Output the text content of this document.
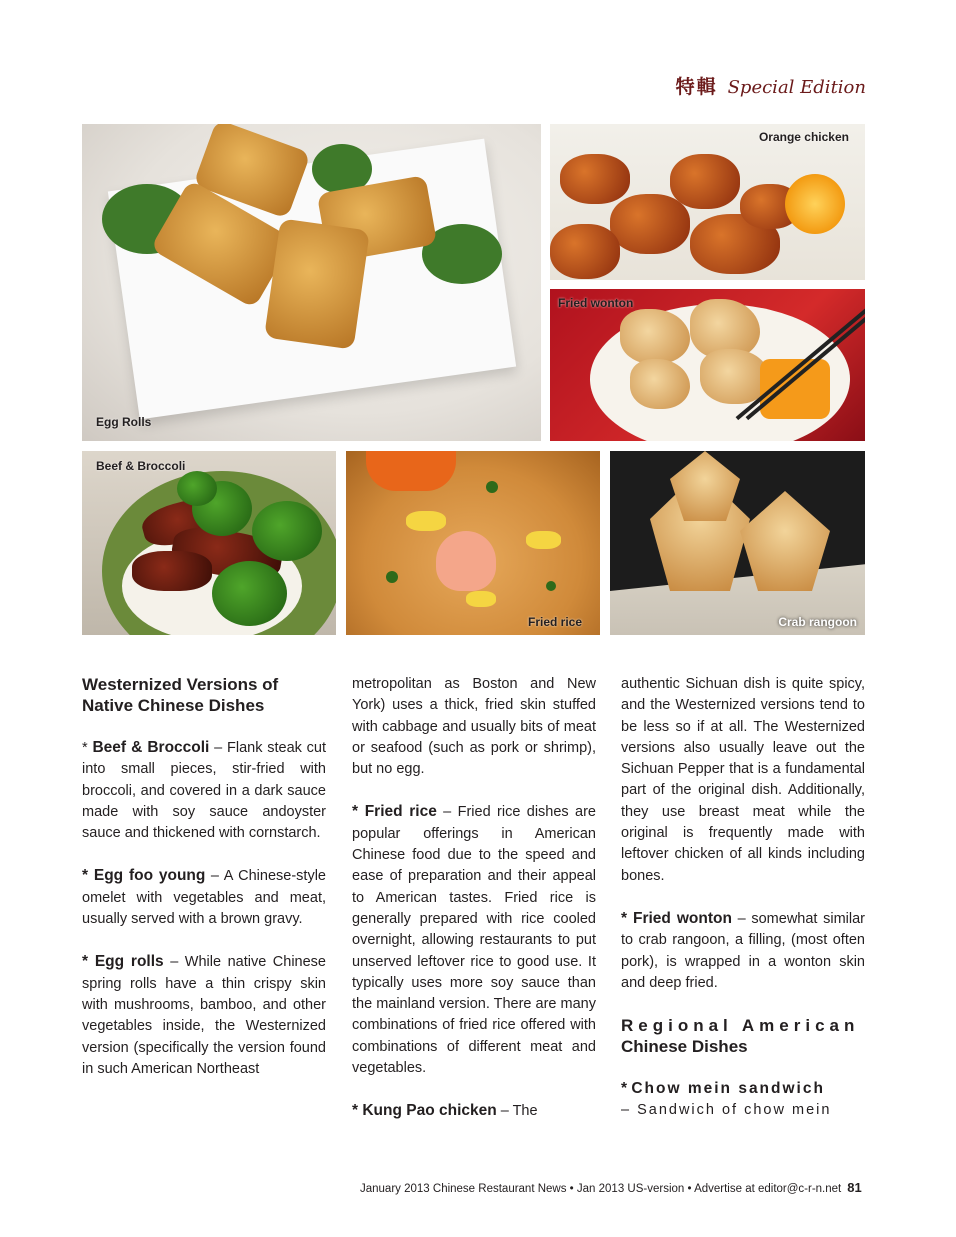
特輯 Special Edition
Egg Rolls
Orange chicken
Fried wonton
Beef & Broccoli
Fried rice	Crab rangoon
Westernized Versions of Native Chinese Dishes

* Beef & Broccoli – Flank steak cut into small pieces, stir-fried with broccoli, and covered in a dark sauce made with soy sauce andoyster sauce and thickened with cornstarch.

* Egg foo young – A Chinese-style omelet with vegetables and meat, usually served with a brown gravy.

* Egg rolls – While native Chinese spring rolls have a thin crispy skin with mushrooms, bamboo, and other vegetables inside, the Westernized version (specifically the version found in such American Northeast

metropolitan as Boston and New York) uses a thick, fried skin stuffed with cabbage and usually bits of meat or seafood (such as pork or shrimp), but no egg.

* Fried rice – Fried rice dishes are popular offerings in American Chinese food due to the speed and ease of preparation and their appeal to American tastes. Fried rice is generally prepared with rice cooled overnight, allowing restaurants to put unserved leftover rice to good use. It typically uses more soy sauce than the mainland version. There are many combinations of fried rice offered with combinations of different meat and vegetables.

* Kung Pao chicken – The

authentic Sichuan dish is quite spicy, and the Westernized versions tend to be less so if at all. The Westernized versions also usually leave out the Sichuan Pepper that is a fundamental part of the original dish. Additionally, they use breast meat while the original is frequently made with leftover chicken of all kinds including bones.

* Fried wonton – somewhat similar to crab rangoon, a filling, (most often pork), is wrapped in a wonton skin and deep fried.

Regional American
Chinese Dishes

* Chow mein sandwich

– Sandwich of chow mein

January 2013 Chinese Restaurant News • Jan 2013 US-version • Advertise at editor@c-r-n.net 81
